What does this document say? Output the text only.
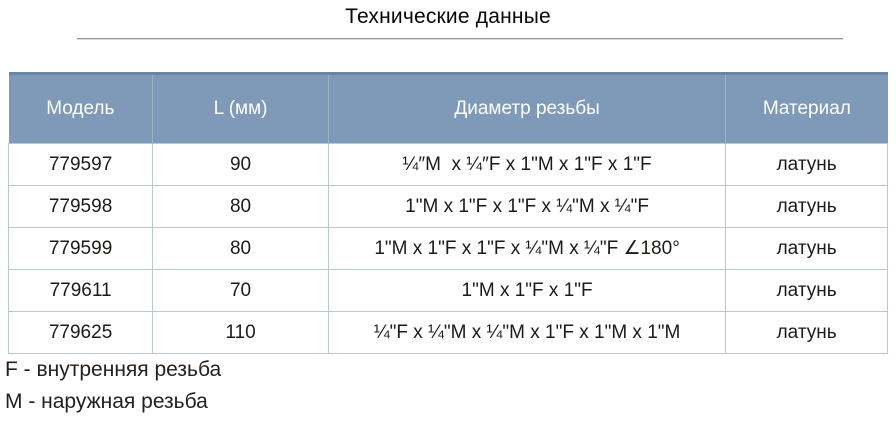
Технические данные
Модель	L (мм)	Диаметр резьбы	Материал
779597	90	¼″M  x ¼″F x 1"M x 1"F x 1"F	латунь
779598	80	1"M x 1"F x 1"F x ¼"M x ¼"F	латунь
779599	80	1"M x 1"F x 1"F x ¼"M x ¼"F ∠180°	латунь
779611	70	1"M x 1"F x 1"F	латунь
779625	110	¼"F x ¼"M x ¼"M x 1"F x 1"M x 1"M	латунь
F - внутренняя резьба
M - наружная резьба
